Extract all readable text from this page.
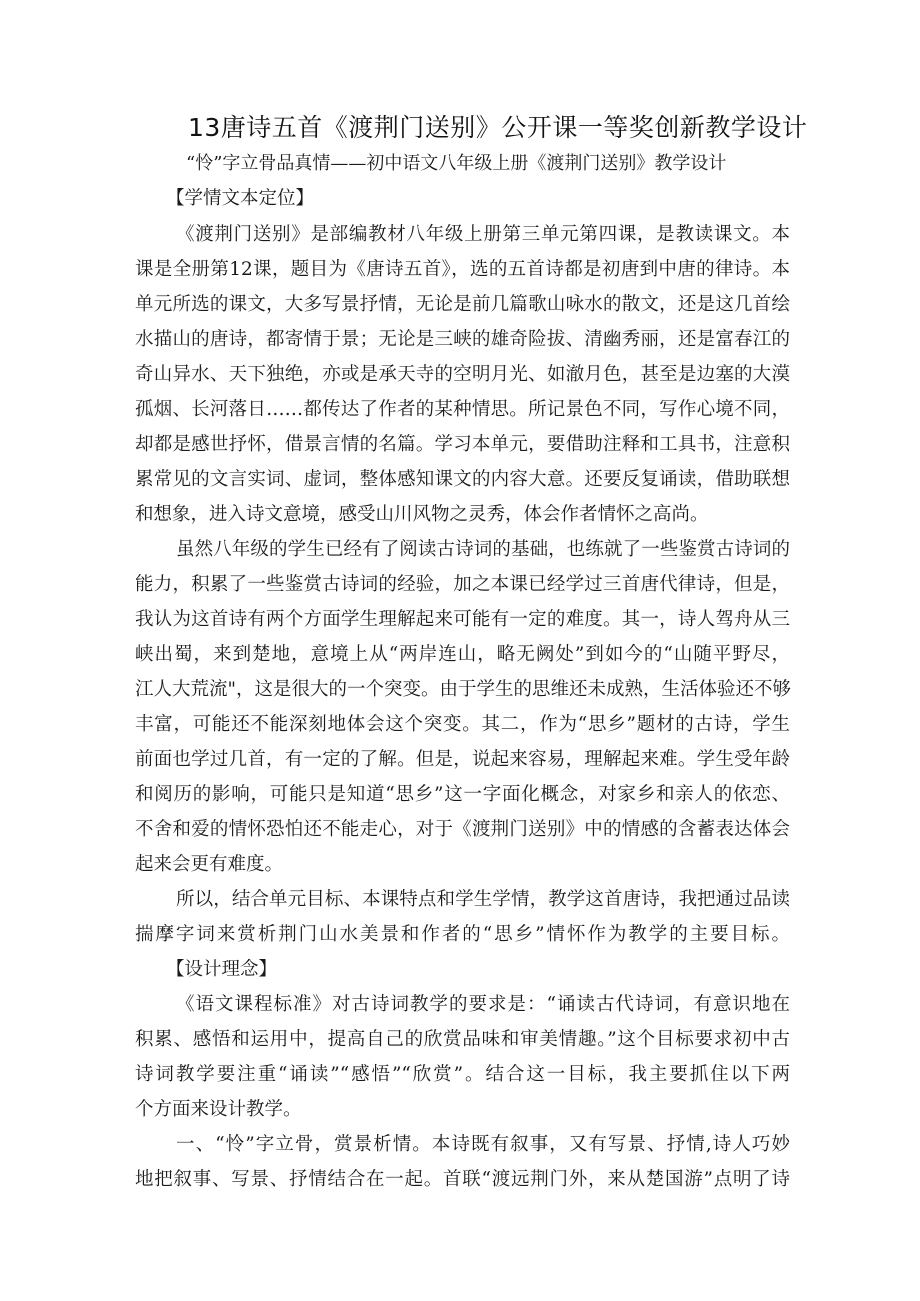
13唐诗五首《渡荆门送别》公开课一等奖创新教学设计
“怜”字立骨品真情——初中语文八年级上册《渡荆门送别》教学设计
【学情文本定位】
《渡荆门送别》是部编教材八年级上册第三单元第四课，是教读课文。本
课是全册第12课，题目为《唐诗五首》，选的五首诗都是初唐到中唐的律诗。本
单元所选的课文，大多写景抒情，无论是前几篇歌山咏水的散文，还是这几首绘
水描山的唐诗，都寄情于景；无论是三峡的雄奇险拔、清幽秀丽，还是富春江的
奇山异水、天下独绝，亦或是承天寺的空明月光、如澈月色，甚至是边塞的大漠
孤烟、长河落日……都传达了作者的某种情思。所记景色不同，写作心境不同，
却都是感世抒怀，借景言情的名篇。学习本单元，要借助注释和工具书，注意积
累常见的文言实词、虚词，整体感知课文的内容大意。还要反复诵读，借助联想
和想象，进入诗文意境，感受山川风物之灵秀，体会作者情怀之高尚。
虽然八年级的学生已经有了阅读古诗词的基础，也练就了一些鉴赏古诗词的
能力，积累了一些鉴赏古诗词的经验，加之本课已经学过三首唐代律诗，但是，
我认为这首诗有两个方面学生理解起来可能有一定的难度。其一，诗人驾舟从三
峡出蜀，来到楚地，意境上从“两岸连山，略无阙处”到如今的“山随平野尽，
江人大荒流"，这是很大的一个突变。由于学生的思维还未成熟，生活体验还不够
丰富，可能还不能深刻地体会这个突变。其二，作为“思乡”题材的古诗，学生
前面也学过几首，有一定的了解。但是，说起来容易，理解起来难。学生受年龄
和阅历的影响，可能只是知道“思乡”这一字面化概念，对家乡和亲人的依恋、
不舍和爱的情怀恐怕还不能走心，对于《渡荆门送别》中的情感的含蓄表达体会
起来会更有难度。
所以，结合单元目标、本课特点和学生学情，教学这首唐诗，我把通过品读
揣摩字词来赏析荆门山水美景和作者的“思乡”情怀作为教学的主要目标。
【设计理念】
《语文课程标准》对古诗词教学的要求是：“诵读古代诗词，有意识地在
积累、感悟和运用中，提高自己的欣赏品味和审美情趣。”这个目标要求初中古
诗词教学要注重“诵读”“感悟”“欣赏”。结合这一目标，我主要抓住以下两
个方面来设计教学。
一、“怜”字立骨，赏景析情。本诗既有叙事，又有写景、抒情,诗人巧妙
地把叙事、写景、抒情结合在一起。首联“渡远荆门外，来从楚国游”点明了诗
